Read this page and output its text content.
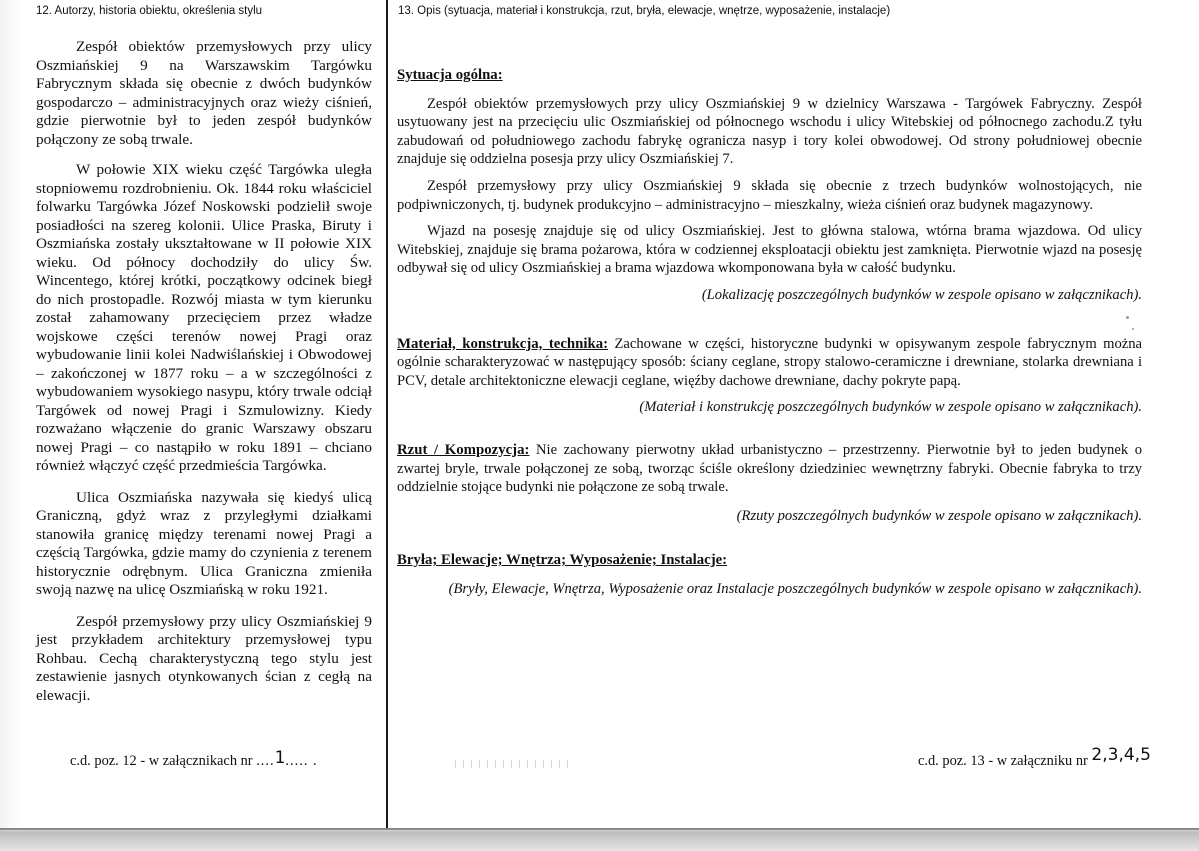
12. Autorzy, historia obiektu, określenia stylu	13. Opis (sytuacja, materiał i konstrukcja, rzut, bryła, elewacje, wnętrze, wyposażenie, instalacje)

Zespół obiektów przemysłowych przy ulicy Oszmiańskiej 9 na Warszawskim Targówku Fabrycznym składa się obecnie z dwóch budynków gospodarczo – administracyjnych oraz wieży ciśnień, gdzie pierwotnie był to jeden zespół budynków połączony ze sobą trwale.

W połowie XIX wieku część Targówka uległa stopniowemu rozdrobnieniu. Ok. 1844 roku właściciel folwarku Targówka Józef Noskowski podzielił swoje posiadłości na szereg kolonii. Ulice Praska, Biruty i Oszmiańska zostały ukształtowane w II połowie XIX wieku. Od północy dochodziły do ulicy Św. Wincentego, której krótki, początkowy odcinek biegł do nich prostopadle. Rozwój miasta w tym kierunku został zahamowany przecięciem przez władze wojskowe części terenów nowej Pragi oraz wybudowanie linii kolei Nadwiślańskiej i Obwodowej – zakończonej w 1877 roku – a w szczególności z wybudowaniem wysokiego nasypu, który trwale odciął Targówek od nowej Pragi i Szmulowizny. Kiedy rozważano włączenie do granic Warszawy obszaru nowej Pragi – co nastąpiło w roku 1891 – chciano również włączyć część przedmieścia Targówka.

Ulica Oszmiańska nazywała się kiedyś ulicą Graniczną, gdyż wraz z przyległymi działkami stanowiła granicę między terenami nowej Pragi a częścią Targówka, gdzie mamy do czynienia z terenem historycznie odrębnym. Ulica Graniczna zmieniła swoją nazwę na ulicę Oszmiańską w roku 1921.

Zespół przemysłowy przy ulicy Oszmiańskiej 9 jest przykładem architektury przemysłowej typu Rohbau. Cechą charakterystyczną tego stylu jest zestawienie jasnych otynkowanych ścian z cegłą na elewacji.

Sytuacja ogólna:

Zespół obiektów przemysłowych przy ulicy Oszmiańskiej 9 w dzielnicy Warszawa - Targówek Fabryczny. Zespół usytuowany jest na przecięciu ulic Oszmiańskiej od północnego wschodu i ulicy Witebskiej od północnego zachodu.Z tyłu zabudowań od południowego zachodu fabrykę ogranicza nasyp i tory kolei obwodowej. Od strony południowej obecnie znajduje się oddzielna posesja przy ulicy Oszmiańskiej 7.

Zespół przemysłowy przy ulicy Oszmiańskiej 9 składa się obecnie z trzech budynków wolnostojących, nie podpiwniczonych, tj. budynek produkcyjno – administracyjno – mieszkalny, wieża ciśnień oraz budynek magazynowy.

Wjazd na posesję znajduje się od ulicy Oszmiańskiej. Jest to główna stalowa, wtórna brama wjazdowa. Od ulicy Witebskiej, znajduje się brama pożarowa, która w codziennej eksploatacji obiektu jest zamknięta. Pierwotnie wjazd na posesję odbywał się od ulicy Oszmiańskiej a brama wjazdowa wkomponowana była w całość budynku.

(Lokalizację poszczególnych budynków w zespole opisano w załącznikach).

Materiał, konstrukcja, technika: Zachowane w części, historyczne budynki w opisywanym zespole fabrycznym można ogólnie scharakteryzować w następujący sposób: ściany ceglane, stropy stalowo-ceramiczne i drewniane, stolarka drewniana i PCV, detale architektoniczne elewacji ceglane, więźby dachowe drewniane, dachy pokryte papą.

(Materiał i konstrukcję poszczególnych budynków w zespole opisano w załącznikach).

Rzut / Kompozycja: Nie zachowany pierwotny układ urbanistyczno – przestrzenny. Pierwotnie był to jeden budynek o zwartej bryle, trwale połączonej ze sobą, tworząc ściśle określony dziedziniec wewnętrzny fabryki. Obecnie fabryka to trzy oddzielnie stojące budynki nie połączone ze sobą trwale.

(Rzuty poszczególnych budynków w zespole opisano w załącznikach).

Bryła; Elewacje; Wnętrza; Wyposażenie; Instalacje:

(Bryły, Elewacje, Wnętrza, Wyposażenie oraz Instalacje poszczególnych budynków w zespole opisano w załącznikach).

c.d. poz. 12 - w załącznikach nr ....1..... .	c.d. poz. 13 - w załączniku nr 2,3,4,5
